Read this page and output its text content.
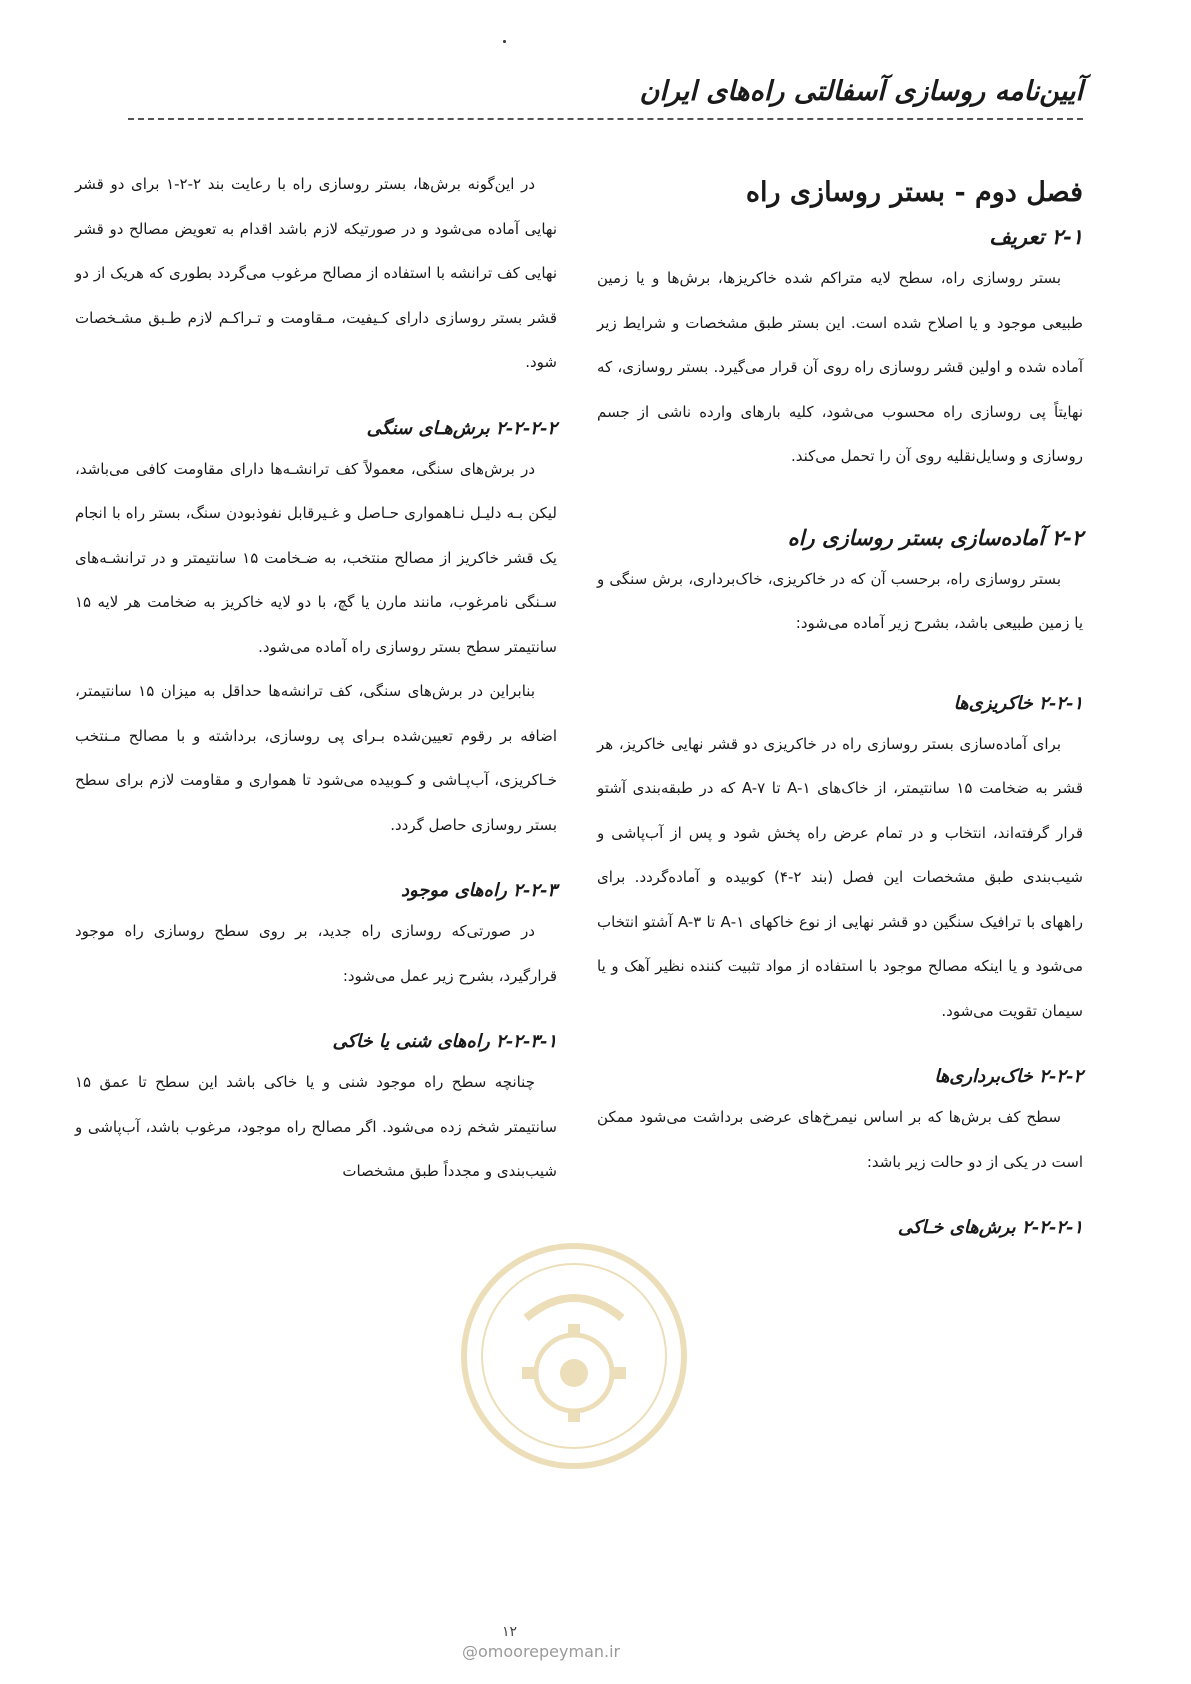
آیین‌نامه روسازی آسفالتی راه‌های ایران
فصل دوم - بستر روسازی راه
۲-۱ تعریف

بستر روسازی راه، سطح لایه متراکم شده خاکریزها، برش‌ها و یا زمین طبیعی موجود و یا اصلاح شده است. این بستر طبق مشخصات و شرایط زیر آماده شده و اولین قشر روسازی راه روی آن قرار می‌گیرد. بستر روسازی، که نهایتاً پی روسازی راه محسوب می‌شود، کلیه بارهای وارده ناشی از جسم روسازی و وسایل‌نقلیه روی آن را تحمل می‌کند.

۲-۲ آماده‌سازی بستر روسازی راه

بستر روسازی راه، برحسب آن که در خاکریزی، خاک‌برداری، برش سنگی و یا زمین طبیعی باشد، بشرح زیر آماده می‌شود:

۲-۲-۱ خاکریزی‌ها

برای آماده‌سازی بستر روسازی راه در خاکریزی دو قشر نهایی خاکریز، هر قشر به ضخامت ۱۵ سانتیمتر، از خاک‌های A-۱ تا A-۷ که در طبقه‌بندی آشتو قرار گرفته‌اند، انتخاب و در تمام عرض راه پخش شود و پس از آب‌پاشی و شیب‌بندی طبق مشخصات این فصل (بند ۲-۴) کوبیده و آماده‌گردد. برای راههای با ترافیک سنگین دو قشر نهایی از نوع خاکهای ۱-A تا A-۳ آشتو انتخاب می‌شود و یا اینکه مصالح موجود با استفاده از مواد تثبیت کننده نظیر آهک و یا سیمان تقویت می‌شود.

۲-۲-۲ خاک‌برداری‌ها

سطح کف برش‌ها که بر اساس نیمرخ‌های عرضی برداشت می‌شود ممکن است در یکی از دو حالت زیر باشد:

۲-۲-۲-۱ برش‌های خـاکی

در این‌گونه برش‌ها، بستر روسازی راه با رعایت بند ۲-۲-۱ برای دو قشر نهایی آماده می‌شود و در صورتیکه لازم باشد اقدام به تعویض مصالح دو قشر نهایی کف ترانشه با استفاده از مصالح مرغوب می‌گردد بطوری که هریک از دو قشر بستر روسازی دارای کـیفیت، مـقاومت و تـراکـم لازم طـبق مشـخصات شود.

۲-۲-۲-۲ برش‌هـای سنگی

در برش‌های سنگی، معمولاً کف ترانشـه‌ها دارای مقاومت کافی می‌باشد، لیکن بـه دلیـل نـاهمواری حـاصل و غـیرقابل نفوذبودن سنگ، بستر راه با انجام یک قشر خاکریز از مصالح منتخب، به ضـخامت ۱۵ سانتیمتر و در ترانشـه‌های سـنگی نامرغوب، مانند مارن یا گچ، با دو لایه خاکریز به ضخامت هر لایه ۱۵ سانتیمتر سطح بستر روسازی راه آماده می‌شود.

بنابراین در برش‌های سنگی، کف ترانشه‌ها حداقل به میزان ۱۵ سانتیمتر، اضافه بر رقوم تعیین‌شده بـرای پی روسازی، برداشته و با مصالح مـنتخب خـاکریزی، آب‌پـاشی و کـوبیده می‌شود تا همواری و مقاومت لازم برای سطح بستر روسازی حاصل گردد.

۲-۲-۳ راه‌های موجود

در صورتی‌که روسازی راه جدید، بر روی سطح روسازی راه موجود قرارگیرد، بشرح زیر عمل می‌شود:

۲-۲-۳-۱ راه‌های شنی یا خاکی

چنانچه سطح راه موجود شنی و یا خاکی باشد این سطح تا عمق ۱۵ سانتیمتر شخم زده می‌شود. اگر مصالح راه موجود، مرغوب باشد، آب‌پاشی و شیب‌بندی و مجدداً طبق مشخصات

۱۲
@omoorepeyman.ir
